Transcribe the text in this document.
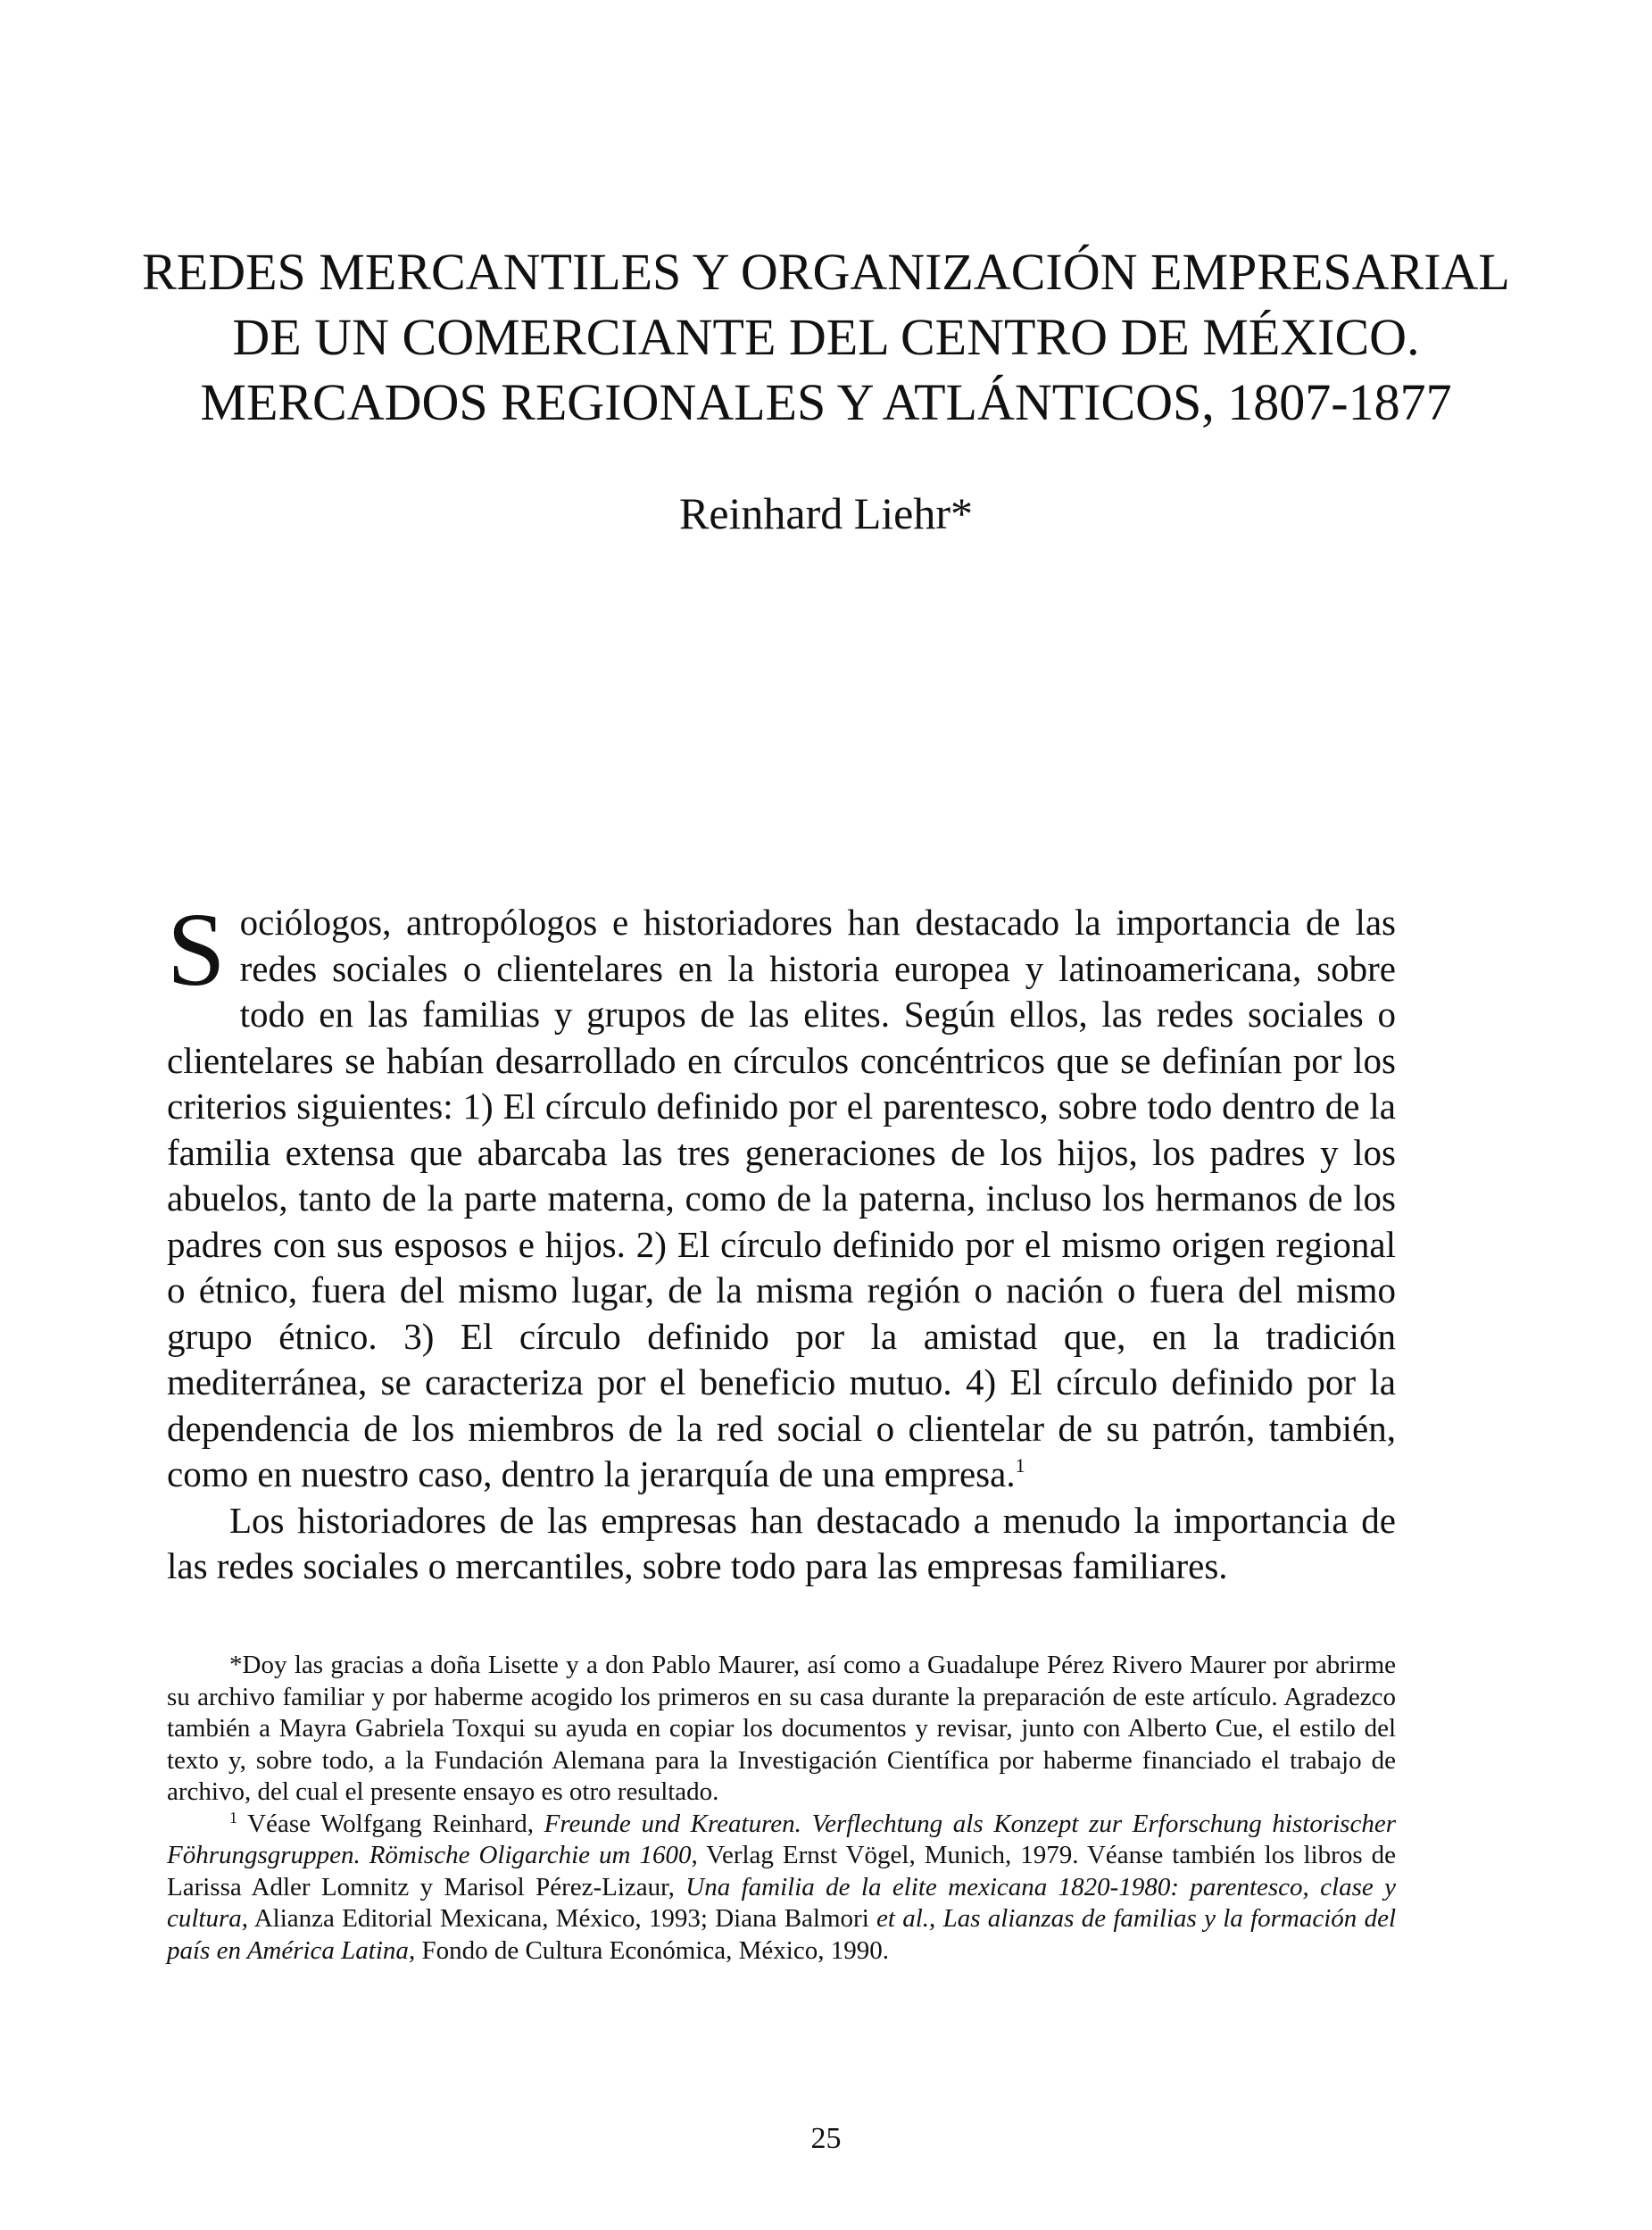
REDES MERCANTILES Y ORGANIZACIÓN EMPRESARIAL
DE UN COMERCIANTE DEL CENTRO DE MÉXICO.
MERCADOS REGIONALES Y ATLÁNTICOS, 1807-1877
Reinhard Liehr*

Sociólogos, antropólogos e historiadores han destacado la importancia de las redes sociales o clientelares en la historia europea y latinoamericana, sobre todo en las familias y grupos de las elites. Según ellos, las redes sociales o clientelares se habían desarrollado en círculos concéntricos que se definían por los criterios siguientes: 1) El círculo definido por el parentesco, sobre todo dentro de la familia extensa que abarcaba las tres generaciones de los hijos, los padres y los abuelos, tanto de la parte materna, como de la paterna, incluso los hermanos de los padres con sus esposos e hijos. 2) El círculo definido por el mismo origen regional o étnico, fuera del mismo lugar, de la misma región o nación o fuera del mismo grupo étnico. 3) El círculo definido por la amistad que, en la tradición mediterránea, se caracteriza por el beneficio mutuo. 4) El círculo definido por la dependencia de los miembros de la red social o clientelar de su patrón, también, como en nuestro caso, dentro la jerarquía de una empresa.$^1$

Los historiadores de las empresas han destacado a menudo la importancia de las redes sociales o mercantiles, sobre todo para las empresas familiares.

*Doy las gracias a doña Lisette y a don Pablo Maurer, así como a Guadalupe Pérez Rivero Maurer por abrirme su archivo familiar y por haberme acogido los primeros en su casa durante la preparación de este artículo. Agradezco también a Mayra Gabriela Toxqui su ayuda en copiar los documentos y revisar, junto con Alberto Cue, el estilo del texto y, sobre todo, a la Fundación Alemana para la Investigación Científica por haberme financiado el trabajo de archivo, del cual el presente ensayo es otro resultado.

$^1$ Véase Wolfgang Reinhard, Freunde und Kreaturen. Verflechtung als Konzept zur Erforschung historischer Föhrungsgruppen. Römische Oligarchie um 1600, Verlag Ernst Vögel, Munich, 1979. Véanse también los libros de Larissa Adler Lomnitz y Marisol Pérez-Lizaur, Una familia de la elite mexicana 1820-1980: parentesco, clase y cultura, Alianza Editorial Mexicana, México, 1993; Diana Balmori et al., Las alianzas de familias y la formación del país en América Latina, Fondo de Cultura Económica, México, 1990.

25
